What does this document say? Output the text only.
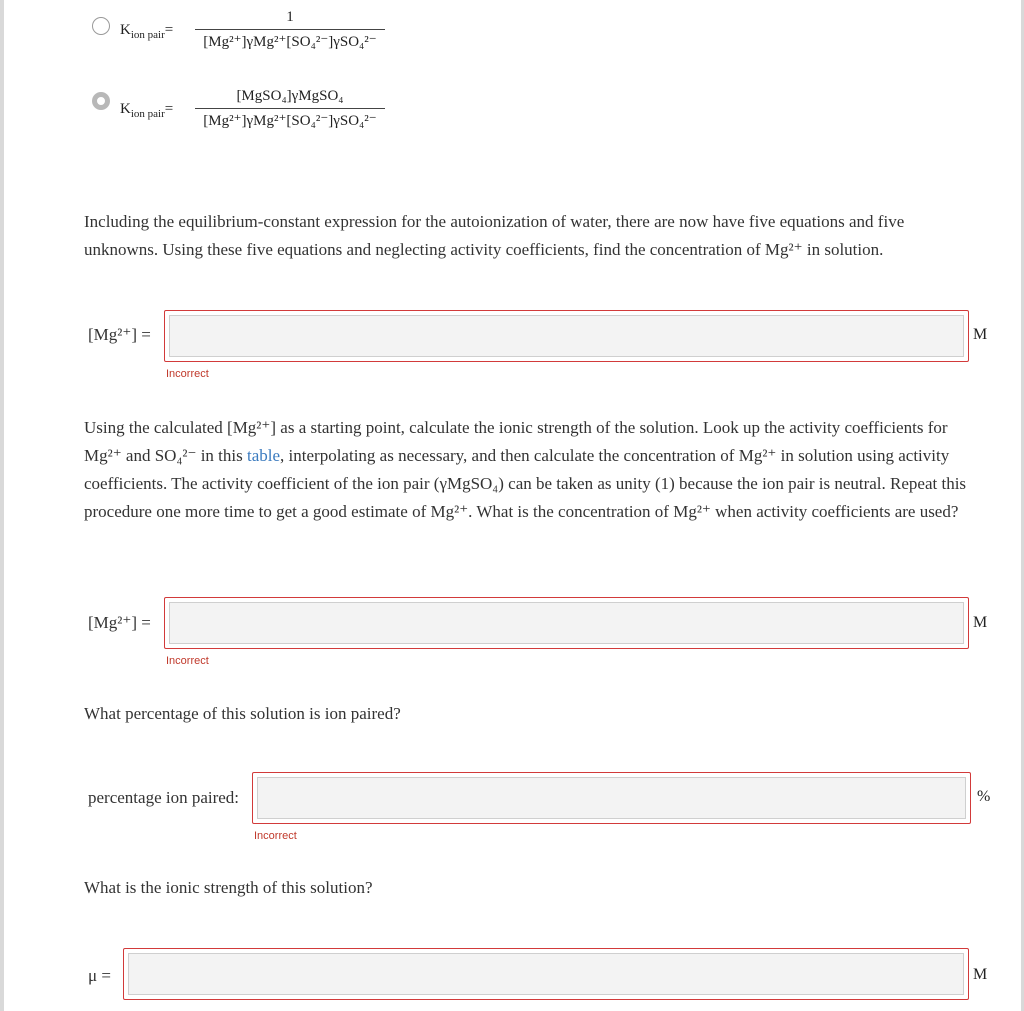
$K_{ion pair}=$
1
[Mg²⁺]γMg²⁺[SO₄²⁻]γSO₄²⁻
$K_{ion pair}=$
[MgSO₄]γMgSO₄
[Mg²⁺]γMg²⁺[SO₄²⁻]γSO₄²⁻
Including the equilibrium-constant expression for the autoionization of water, there are now have five equations and five unknowns. Using these five equations and neglecting activity coefficients, find the concentration of Mg²⁺ in solution.
[Mg²⁺] =	M
Incorrect
Using the calculated [Mg²⁺] as a starting point, calculate the ionic strength of the solution. Look up the activity coefficients for Mg²⁺ and SO₄²⁻ in this table, interpolating as necessary, and then calculate the concentration of Mg²⁺ in solution using activity coefficients. The activity coefficient of the ion pair (γMgSO₄) can be taken as unity (1) because the ion pair is neutral. Repeat this procedure one more time to get a good estimate of Mg²⁺. What is the concentration of Mg²⁺ when activity coefficients are used?
[Mg²⁺] =	M
Incorrect
What percentage of this solution is ion paired?
percentage ion paired:	%
Incorrect
What is the ionic strength of this solution?
μ =	M
